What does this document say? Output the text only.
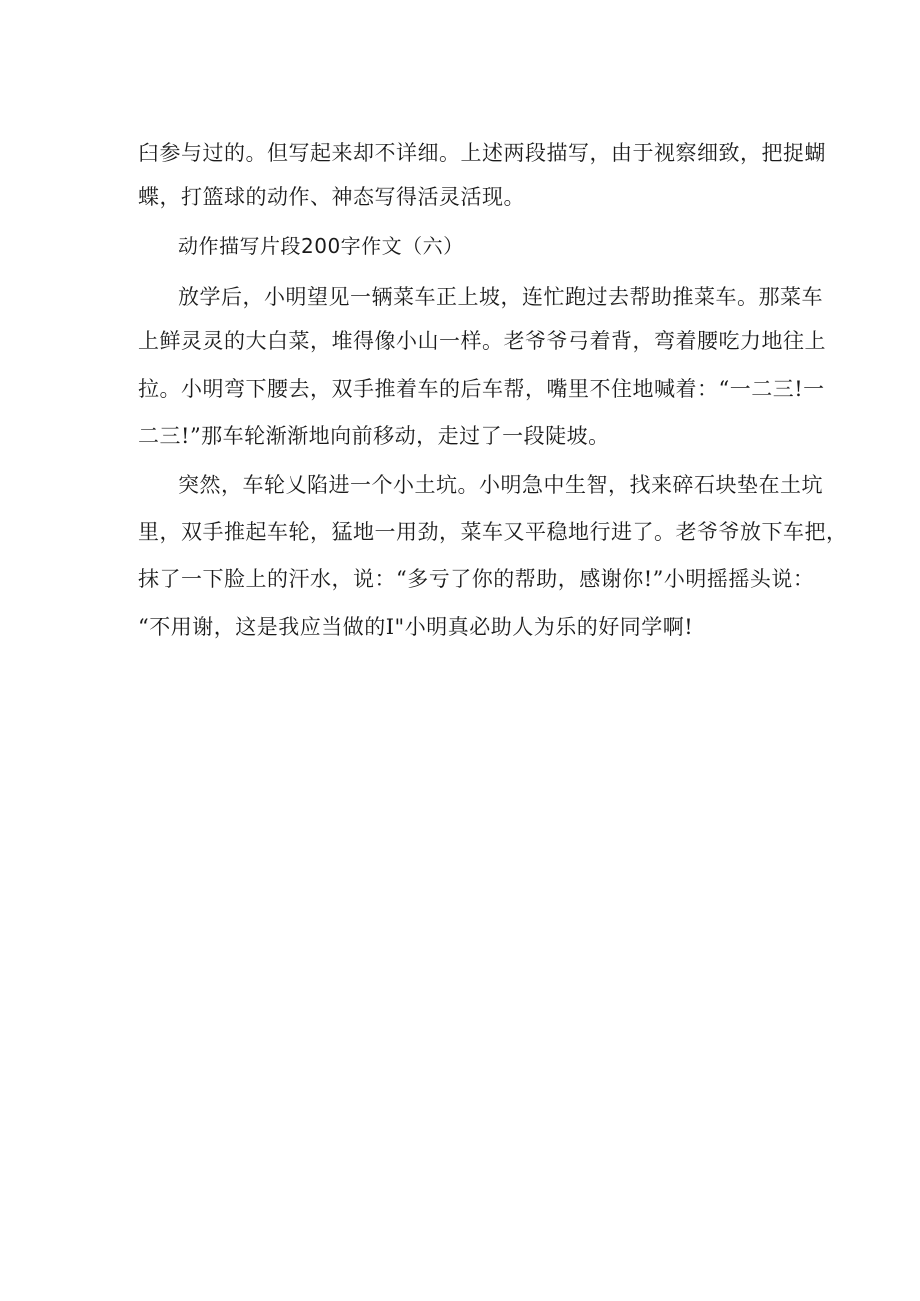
臼参与过的。但写起来却不详细。上述两段描写，由于视察细致，把捉蝴
蝶，打篮球的动作、神态写得活灵活现。
动作描写片段200字作文（六）
放学后，小明望见一辆菜车正上坡，连忙跑过去帮助推菜车。那菜车
上鲜灵灵的大白菜，堆得像小山一样。老爷爷弓着背，弯着腰吃力地往上
拉。小明弯下腰去，双手推着车的后车帮，嘴里不住地喊着：“一二三!一
二三!”那车轮渐渐地向前移动，走过了一段陡坡。
突然，车轮乂陷进一个小土坑。小明急中生智，找来碎石块垫在土坑
里，双手推起车轮，猛地一用劲，菜车又平稳地行进了。老爷爷放下车把，
抹了一下脸上的汗水，说：“多亏了你的帮助，感谢你!”小明摇摇头说：
“不用谢，这是我应当做的I"小明真必助人为乐的好同学啊!
